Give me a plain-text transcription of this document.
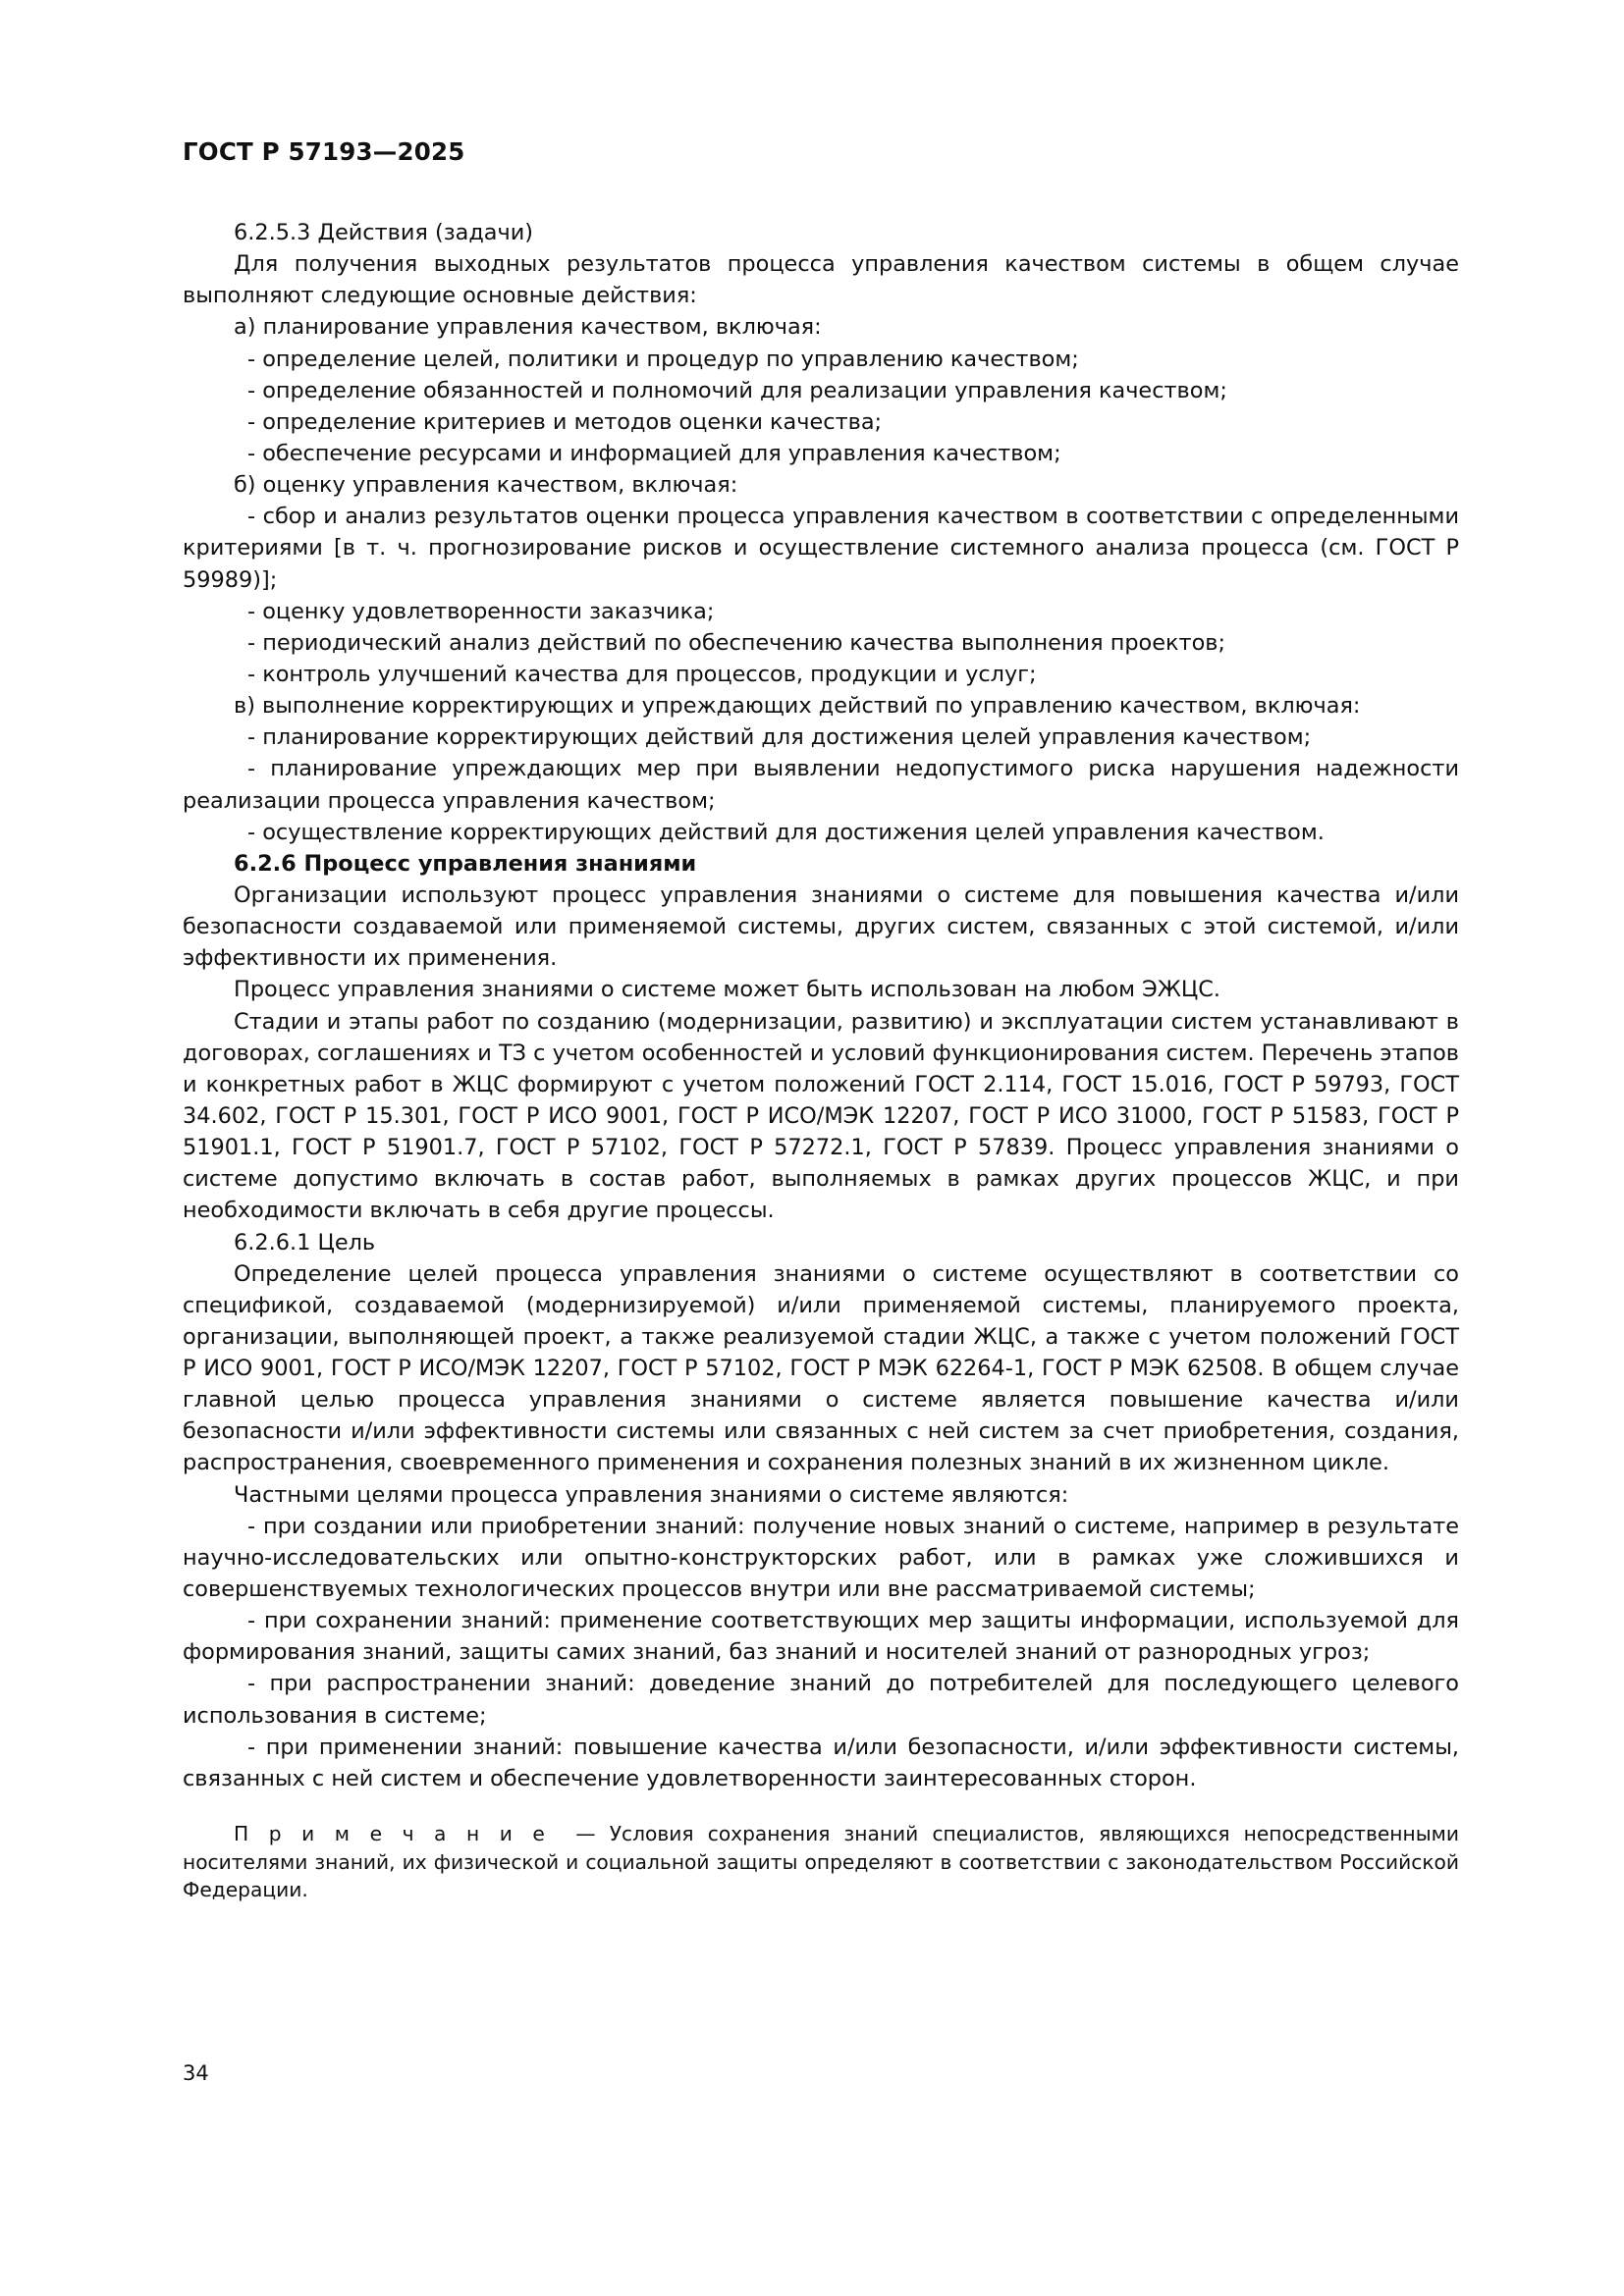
ГОСТ Р 57193—2025

6.2.5.3 Действия (задачи)

Для получения выходных результатов процесса управления качеством системы в общем случае выполняют следующие основные действия:

а) планирование управления качеством, включая:

- определение целей, политики и процедур по управлению качеством;

- определение обязанностей и полномочий для реализации управления качеством;

- определение критериев и методов оценки качества;

- обеспечение ресурсами и информацией для управления качеством;

б) оценку управления качеством, включая:

- сбор и анализ результатов оценки процесса управления качеством в соответствии с определенными критериями [в т. ч. прогнозирование рисков и осуществление системного анализа процесса (см. ГОСТ Р 59989)];

- оценку удовлетворенности заказчика;

- периодический анализ действий по обеспечению качества выполнения проектов;

- контроль улучшений качества для процессов, продукции и услуг;

в) выполнение корректирующих и упреждающих действий по управлению качеством, включая:

- планирование корректирующих действий для достижения целей управления качеством;

- планирование упреждающих мер при выявлении недопустимого риска нарушения надежности реализации процесса управления качеством;

- осуществление корректирующих действий для достижения целей управления качеством.

6.2.6 Процесс управления знаниями

Организации используют процесс управления знаниями о системе для повышения качества и/или безопасности создаваемой или применяемой системы, других систем, связанных с этой системой, и/или эффективности их применения.

Процесс управления знаниями о системе может быть использован на любом ЭЖЦС.

Стадии и этапы работ по созданию (модернизации, развитию) и эксплуатации систем устанавливают в договорах, соглашениях и ТЗ с учетом особенностей и условий функционирования систем. Перечень этапов и конкретных работ в ЖЦС формируют с учетом положений ГОСТ 2.114, ГОСТ 15.016, ГОСТ Р 59793, ГОСТ 34.602, ГОСТ Р 15.301, ГОСТ Р ИСО 9001, ГОСТ Р ИСО/МЭК 12207, ГОСТ Р ИСО 31000, ГОСТ Р 51583, ГОСТ Р 51901.1, ГОСТ Р 51901.7, ГОСТ Р 57102, ГОСТ Р 57272.1, ГОСТ Р 57839. Процесс управления знаниями о системе допустимо включать в состав работ, выполняемых в рамках других процессов ЖЦС, и при необходимости включать в себя другие процессы.

6.2.6.1 Цель

Определение целей процесса управления знаниями о системе осуществляют в соответствии со спецификой, создаваемой (модернизируемой) и/или применяемой системы, планируемого проекта, организации, выполняющей проект, а также реализуемой стадии ЖЦС, а также с учетом положений ГОСТ Р ИСО 9001, ГОСТ Р ИСО/МЭК 12207, ГОСТ Р 57102, ГОСТ Р МЭК 62264-1, ГОСТ Р МЭК 62508. В общем случае главной целью процесса управления знаниями о системе является повышение качества и/или безопасности и/или эффективности системы или связанных с ней систем за счет приобретения, создания, распространения, своевременного применения и сохранения полезных знаний в их жизненном цикле.

Частными целями процесса управления знаниями о системе являются:

- при создании или приобретении знаний: получение новых знаний о системе, например в результате научно-исследовательских или опытно-конструкторских работ, или в рамках уже сложившихся и совершенствуемых технологических процессов внутри или вне рассматриваемой системы;

- при сохранении знаний: применение соответствующих мер защиты информации, используемой для формирования знаний, защиты самих знаний, баз знаний и носителей знаний от разнородных угроз;

- при распространении знаний: доведение знаний до потребителей для последующего целевого использования в системе;

- при применении знаний: повышение качества и/или безопасности, и/или эффективности системы, связанных с ней систем и обеспечение удовлетворенности заинтересованных сторон.

П р и м е ч а н и е — Условия сохранения знаний специалистов, являющихся непосредственными носителями знаний, их физической и социальной защиты определяют в соответствии с законодательством Российской Федерации.

34
